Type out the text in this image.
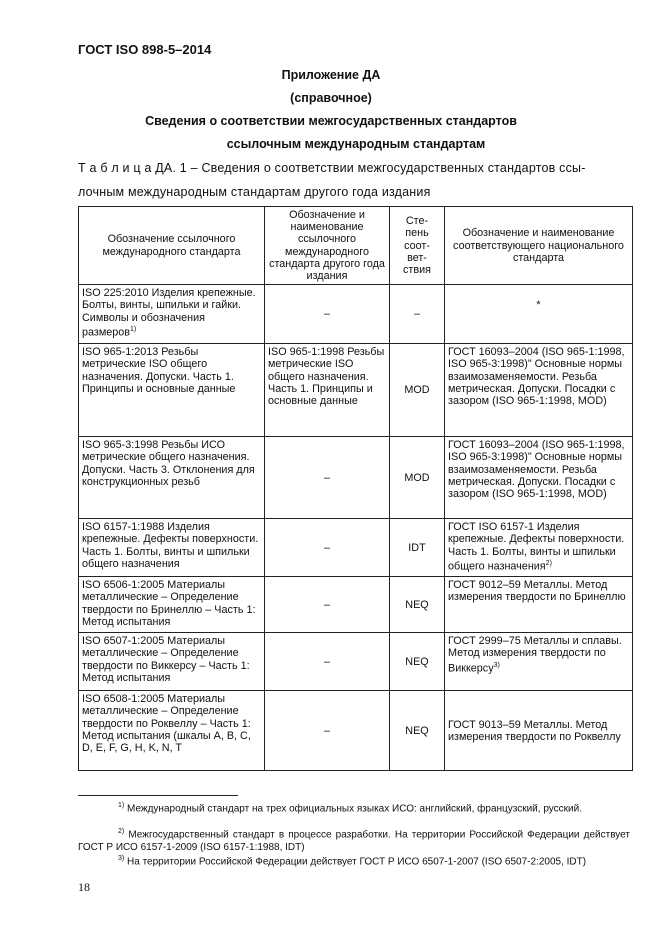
ГОСТ ISO 898-5–2014
Приложение ДА
(справочное)
Сведения о соответствии межгосударственных стандартов
ссылочным международным стандартам
Т а б л и ц а ДА. 1 – Сведения о соответствии межгосударственных стандартов ссы-
лочным международным стандартам другого года издания
Обозначение ссылочного международного стандарта	Обозначение и наименование ссылочного международного стандарта другого года издания	Сте- пень соот- вет- ствия	Обозначение и наименование соответствующего национального стандарта
ISO 225:2010 Изделия крепежные. Болты, винты, шпильки и гайки. Символы и обозначения размеров$^{1)}$	–	–	*
ISO 965-1:2013 Резьбы метрические ISO общего назначения. Допуски. Часть 1. Принципы и основные данные	ISO 965-1:1998 Резьбы метрические ISO общего назначения. Часть 1. Принципы и основные данные	MOD	ГОСТ 16093–2004 (ISO 965-1:1998, ISO 965-3:1998)" Основные нормы взаимозаменяемости. Резьба метрическая. Допуски. Посадки с зазором (ISO 965-1:1998, MOD)
ISO 965-3:1998 Резьбы ИСО метрические общего назначения. Допуски. Часть 3. Отклонения для конструкционных резьб	–	MOD	ГОСТ 16093–2004 (ISO 965-1:1998, ISO 965-3:1998)" Основные нормы взаимозаменяемости. Резьба метрическая. Допуски. Посадки с зазором (ISO 965-1:1998, MOD)
ISO 6157-1:1988 Изделия крепежные. Дефекты поверхности. Часть 1. Болты, винты и шпильки общего назначения	–	IDT	ГОСТ ISO 6157-1 Изделия крепежные. Дефекты поверхности. Часть 1. Болты, винты и шпильки общего назначения$^{2)}$
ISO 6506-1:2005 Материалы металлические – Определение твердости по Бринеллю – Часть 1: Метод испытания	–	NEQ	ГОСТ 9012–59 Металлы. Метод измерения твердости по Бринеллю
ISO 6507-1:2005 Материалы металлические – Определение твердости по Виккерсу – Часть 1: Метод испытания	–	NEQ	ГОСТ 2999–75 Металлы и сплавы. Метод измерения твердости по Виккерсу$^{3)}$
ISO 6508-1:2005 Материалы металлические – Определение твердости по Роквеллу – Часть 1: Метод испытания (шкалы A, B, C, D, E, F, G, H, K, N, T	–	NEQ	ГОСТ 9013–59 Металлы. Метод измерения твердости по Роквеллу
$^{1)}$ Международный стандарт на трех официальных языках ИСО: английский, французский, русский.
$^{2)}$ Межгосударственный стандарт в процессе разработки. На территории Российской Федерации действует ГОСТ Р ИСО 6157-1-2009 (ISO 6157-1:1988, IDT)
$^{3)}$ На территории Российской Федерации действует ГОСТ Р ИСО 6507-1-2007 (ISO 6507-2:2005, IDT)
18
